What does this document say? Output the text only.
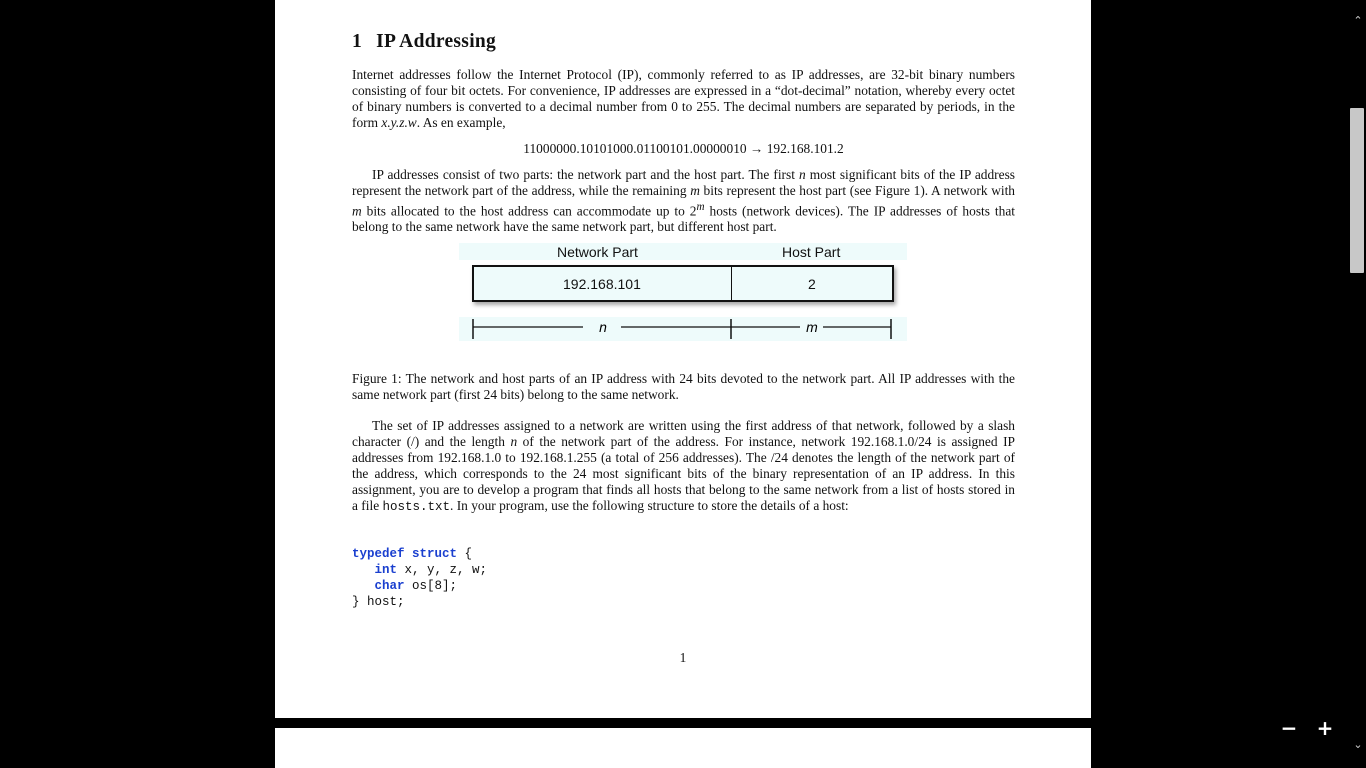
1 IP Addressing

Internet addresses follow the Internet Protocol (IP), commonly referred to as IP addresses, are 32-bit binary numbers consisting of four bit octets. For convenience, IP addresses are expressed in a “dot-decimal” notation, whereby every octet of binary numbers is converted to a decimal number from 0 to 255. The decimal numbers are separated by periods, in the form x.y.z.w. As en example,

11000000.10101000.01100101.00000010 → 192.168.101.2

IP addresses consist of two parts: the network part and the host part. The first n most significant bits of the IP address represent the network part of the address, while the remaining m bits represent the host part (see Figure 1). A network with m bits allocated to the host address can accommodate up to 2$^m$ hosts (network devices). The IP addresses of hosts that belong to the same network have the same network part, but different host part.

Network Part	Host Part
192.168.101	2
n	m

Figure 1: The network and host parts of an IP address with 24 bits devoted to the network part. All IP addresses with the same network part (first 24 bits) belong to the same network.

The set of IP addresses assigned to a network are written using the first address of that network, followed by a slash character (/) and the length n of the network part of the address. For instance, network 192.168.1.0/24 is assigned IP addresses from 192.168.1.0 to 192.168.1.255 (a total of 256 addresses). The /24 denotes the length of the network part of the address, which corresponds to the 24 most significant bits of the binary representation of an IP address. In this assignment, you are to develop a program that finds all hosts that belong to the same network from a list of hosts stored in a file hosts.txt. In your program, use the following structure to store the details of a host:

typedef struct {
int x, y, z, w;
char os[8];
} host;
1
− +
⌃
⌄
